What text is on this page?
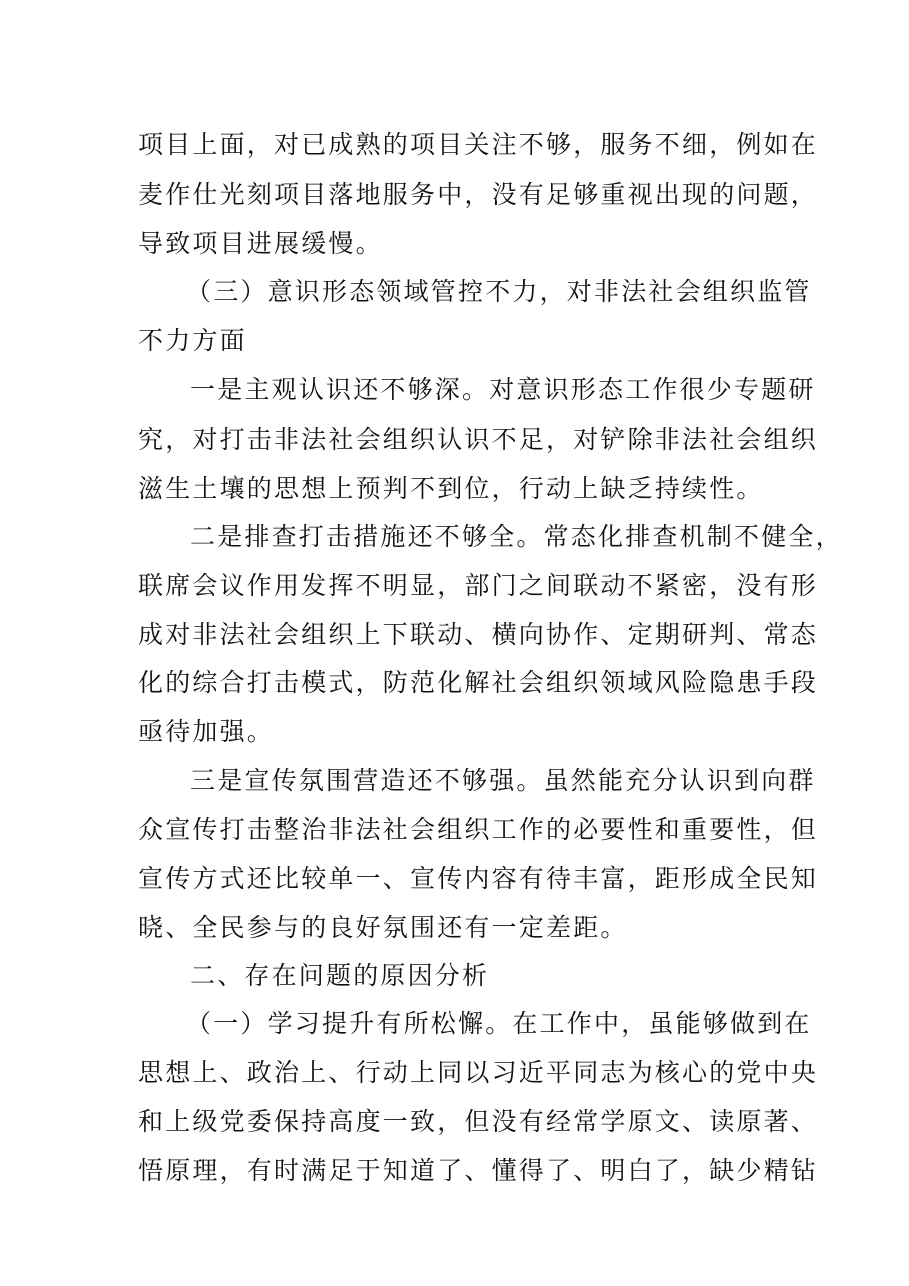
项目上面，对已成熟的项目关注不够，服务不细，例如在
麦作仕光刻项目落地服务中，没有足够重视出现的问题，
导致项目进展缓慢。
（三）意识形态领域管控不力，对非法社会组织监管
不力方面
一是主观认识还不够深。对意识形态工作很少专题研
究，对打击非法社会组织认识不足，对铲除非法社会组织
滋生土壤的思想上预判不到位，行动上缺乏持续性。
二是排查打击措施还不够全。常态化排查机制不健全，
联席会议作用发挥不明显，部门之间联动不紧密，没有形
成对非法社会组织上下联动、横向协作、定期研判、常态
化的综合打击模式，防范化解社会组织领域风险隐患手段
亟待加强。
三是宣传氛围营造还不够强。虽然能充分认识到向群
众宣传打击整治非法社会组织工作的必要性和重要性，但
宣传方式还比较单一、宣传内容有待丰富，距形成全民知
晓、全民参与的良好氛围还有一定差距。
二、存在问题的原因分析
（一）学习提升有所松懈。在工作中，虽能够做到在
思想上、政治上、行动上同以习近平同志为核心的党中央
和上级党委保持高度一致，但没有经常学原文、读原著、
悟原理，有时满足于知道了、懂得了、明白了，缺少精钻
